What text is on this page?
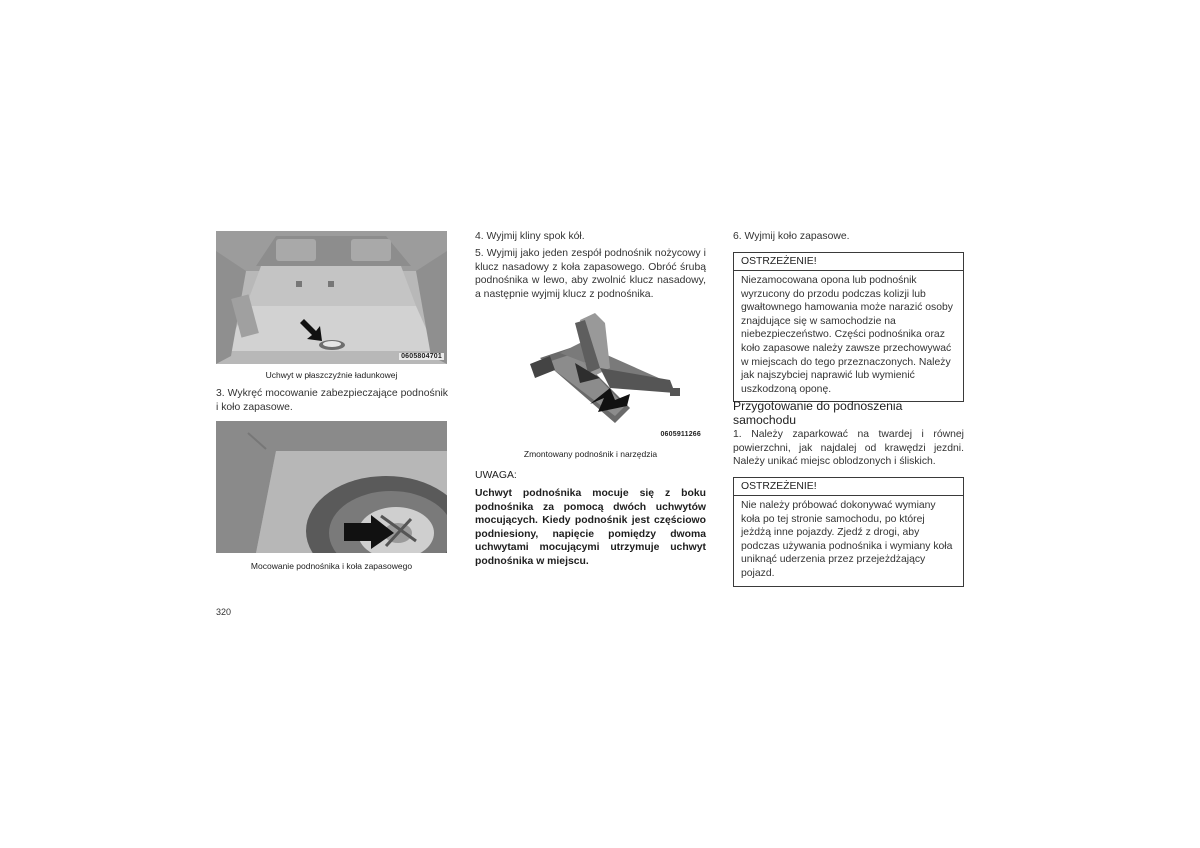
0605804701
Uchwyt w płaszczyźnie ładunkowej
3. Wykręć mocowanie zabezpieczające podnośnik i koło zapasowe.
Mocowanie podnośnika i koła zapasowego
320
4. Wyjmij kliny spok kół.
5. Wyjmij jako jeden zespół podnośnik nożycowy i klucz nasadowy z koła zapasowego. Obróć śrubą podnośnika w lewo, aby zwolnić klucz nasadowy, a następnie wyjmij klucz z podnośnika.
0605911266
Zmontowany podnośnik i narzędzia
UWAGA:
Uchwyt podnośnika mocuje się z boku podnośnika za pomocą dwóch uchwytów mocujących. Kiedy podnośnik jest częściowo podniesiony, napięcie pomiędzy dwoma uchwytami mocującymi utrzymuje uchwyt podnośnika w miejscu.
6. Wyjmij koło zapasowe.
OSTRZEŻENIE!
Niezamocowana opona lub podnośnik wyrzucony do przodu podczas kolizji lub gwałtownego hamowania może narazić osoby znajdujące się w samochodzie na niebezpieczeństwo. Części podnośnika oraz koło zapasowe należy zawsze przechowywać w miejscach do tego przeznaczonych. Należy jak najszybciej naprawić lub wymienić uszkodzoną oponę.
Przygotowanie do podnoszenia samochodu
1. Należy zaparkować na twardej i równej powierzchni, jak najdalej od krawędzi jezdni. Należy unikać miejsc oblodzonych i śliskich.
OSTRZEŻENIE!
Nie należy próbować dokonywać wymiany koła po tej stronie samochodu, po której jeżdżą inne pojazdy. Zjedź z drogi, aby podczas używania podnośnika i wymiany koła uniknąć uderzenia przez przejeżdżający pojazd.
